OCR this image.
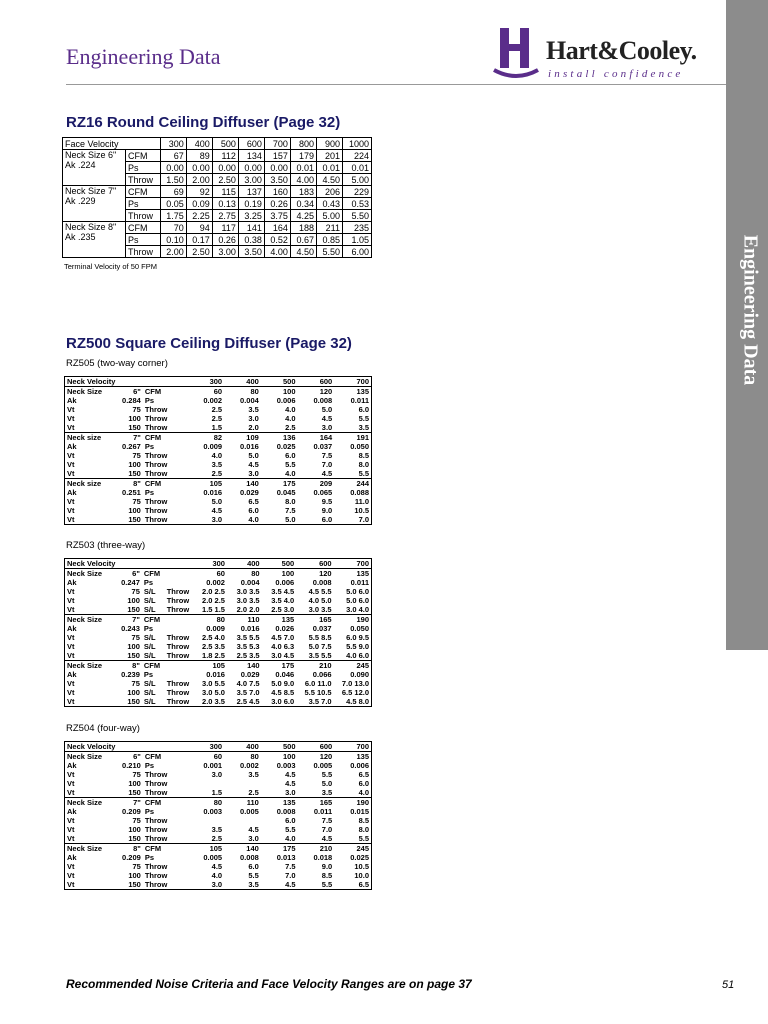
Engineering Data	Hart&Cooley.
install confidence
Engineering Data
RZ16 Round Ceiling Diffuser (Page 32)
Face Velocity		300	400	500	600	700	800	900	1000

Neck Size 6"
Ak .224	CFM	67	89	112	134	157	179	201	224
	Ps	0.00	0.00	0.00	0.00	0.00	0.01	0.01	0.01
	Throw	1.50	2.00	2.50	3.00	3.50	4.00	4.50	5.00

Neck Size 7"
Ak .229	CFM	69	92	115	137	160	183	206	229
	Ps	0.05	0.09	0.13	0.19	0.26	0.34	0.43	0.53
	Throw	1.75	2.25	2.75	3.25	3.75	4.25	5.00	5.50

Neck Size 8"
Ak .235	CFM	70	94	117	141	164	188	211	235
	Ps	0.10	0.17	0.26	0.38	0.52	0.67	0.85	1.05
	Throw	2.00	2.50	3.00	3.50	4.00	4.50	5.50	6.00
Terminal Velocity of 50 FPM
RZ500 Square Ceiling Diffuser (Page 32)
RZ505 (two-way corner)
Neck Velocity				300	400	500	600	700
Neck Size	6"	CFM		60	80	100	120	135
Ak	0.284	Ps		0.002	0.004	0.006	0.008	0.011
Vt	75	Throw		2.5	3.5	4.0	5.0	6.0
Vt	100	Throw		2.5	3.0	4.0	4.5	5.5
Vt	150	Throw		1.5	2.0	2.5	3.0	3.5
Neck size	7"	CFM		82	109	136	164	191
Ak	0.267	Ps		0.009	0.016	0.025	0.037	0.050
Vt	75	Throw		4.0	5.0	6.0	7.5	8.5
Vt	100	Throw		3.5	4.5	5.5	7.0	8.0
Vt	150	Throw		2.5	3.0	4.0	4.5	5.5
Neck size	8"	CFM		105	140	175	209	244
Ak	0.251	Ps		0.016	0.029	0.045	0.065	0.088
Vt	75	Throw		5.0	6.5	8.0	9.5	11.0
Vt	100	Throw		4.5	6.0	7.5	9.0	10.5
Vt	150	Throw		3.0	4.0	5.0	6.0	7.0
RZ503 (three-way)
Neck Velocity				300	400	500	600	700
Neck Size	6"	CFM		60	80	100	120	135
Ak	0.247	Ps		0.002	0.004	0.006	0.008	0.011
Vt	75	S/L	Throw	2.0 2.5	3.0 3.5	3.5 4.5	4.5 5.5	5.0 6.0
Vt	100	S/L	Throw	2.0 2.5	3.0 3.5	3.5 4.0	4.0 5.0	5.0 6.0
Vt	150	S/L	Throw	1.5 1.5	2.0 2.0	2.5 3.0	3.0 3.5	3.0 4.0
Neck Size	7"	CFM		80	110	135	165	190
Ak	0.243	Ps		0.009	0.016	0.026	0.037	0.050
Vt	75	S/L	Throw	2.5 4.0	3.5 5.5	4.5 7.0	5.5 8.5	6.0 9.5
Vt	100	S/L	Throw	2.5 3.5	3.5 5.3	4.0 6.3	5.0 7.5	5.5 9.0
Vt	150	S/L	Throw	1.8 2.5	2.5 3.5	3.0 4.5	3.5 5.5	4.0 6.0
Neck Size	8"	CFM		105	140	175	210	245
Ak	0.239	Ps		0.016	0.029	0.046	0.066	0.090
Vt	75	S/L	Throw	3.0 5.5	4.0 7.5	5.0 9.0	6.0 11.0	7.0 13.0
Vt	100	S/L	Throw	3.0 5.0	3.5 7.0	4.5 8.5	5.5 10.5	6.5 12.0
Vt	150	S/L	Throw	2.0 3.5	2.5 4.5	3.0 6.0	3.5 7.0	4.5 8.0
RZ504 (four-way)
Neck Velocity				300	400	500	600	700
Neck Size	6"	CFM		60	80	100	120	135
Ak	0.210	Ps		0.001	0.002	0.003	0.005	0.006
Vt	75	Throw		3.0	3.5	4.5	5.5	6.5
Vt	100	Throw				4.5	5.0	6.0
Vt	150	Throw		1.5	2.5	3.0	3.5	4.0
Neck Size	7"	CFM		80	110	135	165	190
Ak	0.209	Ps		0.003	0.005	0.008	0.011	0.015
Vt	75	Throw				6.0	7.5	8.5
Vt	100	Throw		3.5	4.5	5.5	7.0	8.0
Vt	150	Throw		2.5	3.0	4.0	4.5	5.5
Neck Size	8"	CFM		105	140	175	210	245
Ak	0.209	Ps		0.005	0.008	0.013	0.018	0.025
Vt	75	Throw		4.5	6.0	7.5	9.0	10.5
Vt	100	Throw		4.0	5.5	7.0	8.5	10.0
Vt	150	Throw		3.0	3.5	4.5	5.5	6.5
Recommended Noise Criteria and Face Velocity Ranges are on page 37	51
